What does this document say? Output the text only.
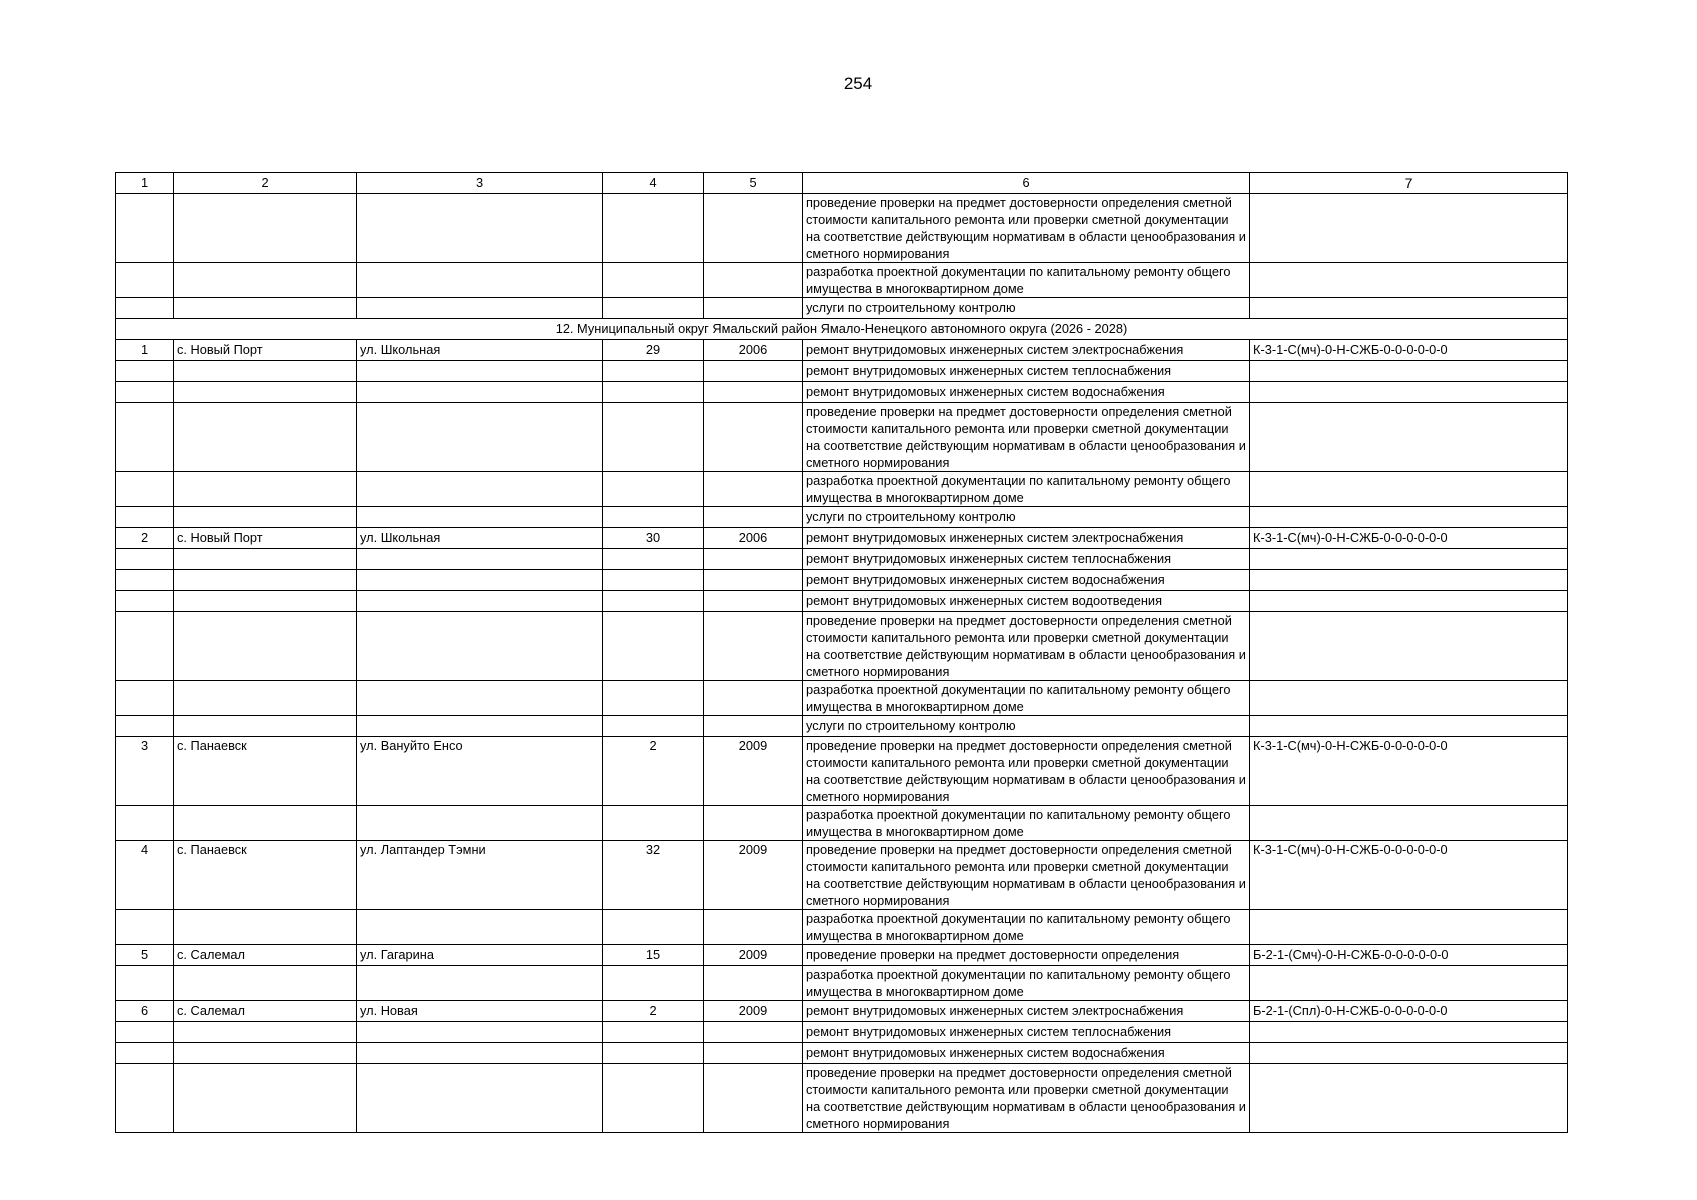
254
1	2	3	4	5	6	7
					проведение проверки на предмет достоверности определения сметной стоимости капитального ремонта или проверки сметной документации на соответствие действующим нормативам в области ценообразования и сметного нормирования	
					разработка проектной документации по капитальному ремонту общего имущества в многоквартирном доме	
					услуги по строительному контролю	
12. Муниципальный округ Ямальский район Ямало-Ненецкого автономного округа (2026 - 2028)						
1	с. Новый Порт	ул. Школьная	29	2006	ремонт внутридомовых инженерных систем электроснабжения	К-3-1-С(мч)-0-Н-СЖБ-0-0-0-0-0-0
					ремонт внутридомовых инженерных систем теплоснабжения	
					ремонт внутридомовых инженерных систем водоснабжения	
					проведение проверки на предмет достоверности определения сметной стоимости капитального ремонта или проверки сметной документации на соответствие действующим нормативам в области ценообразования и сметного нормирования	
					разработка проектной документации по капитальному ремонту общего имущества в многоквартирном доме	
					услуги по строительному контролю	
2	с. Новый Порт	ул. Школьная	30	2006	ремонт внутридомовых инженерных систем электроснабжения	К-3-1-С(мч)-0-Н-СЖБ-0-0-0-0-0-0
					ремонт внутридомовых инженерных систем теплоснабжения	
					ремонт внутридомовых инженерных систем водоснабжения	
					ремонт внутридомовых инженерных систем водоотведения	
					проведение проверки на предмет достоверности определения сметной стоимости капитального ремонта или проверки сметной документации на соответствие действующим нормативам в области ценообразования и сметного нормирования	
					разработка проектной документации по капитальному ремонту общего имущества в многоквартирном доме	
					услуги по строительному контролю	
3	с. Панаевск	ул. Вануйто Енсо	2	2009	проведение проверки на предмет достоверности определения сметной стоимости капитального ремонта или проверки сметной документации на соответствие действующим нормативам в области ценообразования и сметного нормирования	К-3-1-С(мч)-0-Н-СЖБ-0-0-0-0-0-0
					разработка проектной документации по капитальному ремонту общего имущества в многоквартирном доме	
4	с. Панаевск	ул. Лаптандер Тэмни	32	2009	проведение проверки на предмет достоверности определения сметной стоимости капитального ремонта или проверки сметной документации на соответствие действующим нормативам в области ценообразования и сметного нормирования	К-3-1-С(мч)-0-Н-СЖБ-0-0-0-0-0-0
					разработка проектной документации по капитальному ремонту общего имущества в многоквартирном доме	
5	с. Салемал	ул. Гагарина	15	2009	проведение проверки на предмет достоверности определения	Б-2-1-(Смч)-0-Н-СЖБ-0-0-0-0-0-0
					разработка проектной документации по капитальному ремонту общего имущества в многоквартирном доме	
6	с. Салемал	ул. Новая	2	2009	ремонт внутридомовых инженерных систем электроснабжения	Б-2-1-(Спл)-0-Н-СЖБ-0-0-0-0-0-0
					ремонт внутридомовых инженерных систем теплоснабжения	
					ремонт внутридомовых инженерных систем водоснабжения	
					проведение проверки на предмет достоверности определения сметной стоимости капитального ремонта или проверки сметной документации на соответствие действующим нормативам в области ценообразования и сметного нормирования	
